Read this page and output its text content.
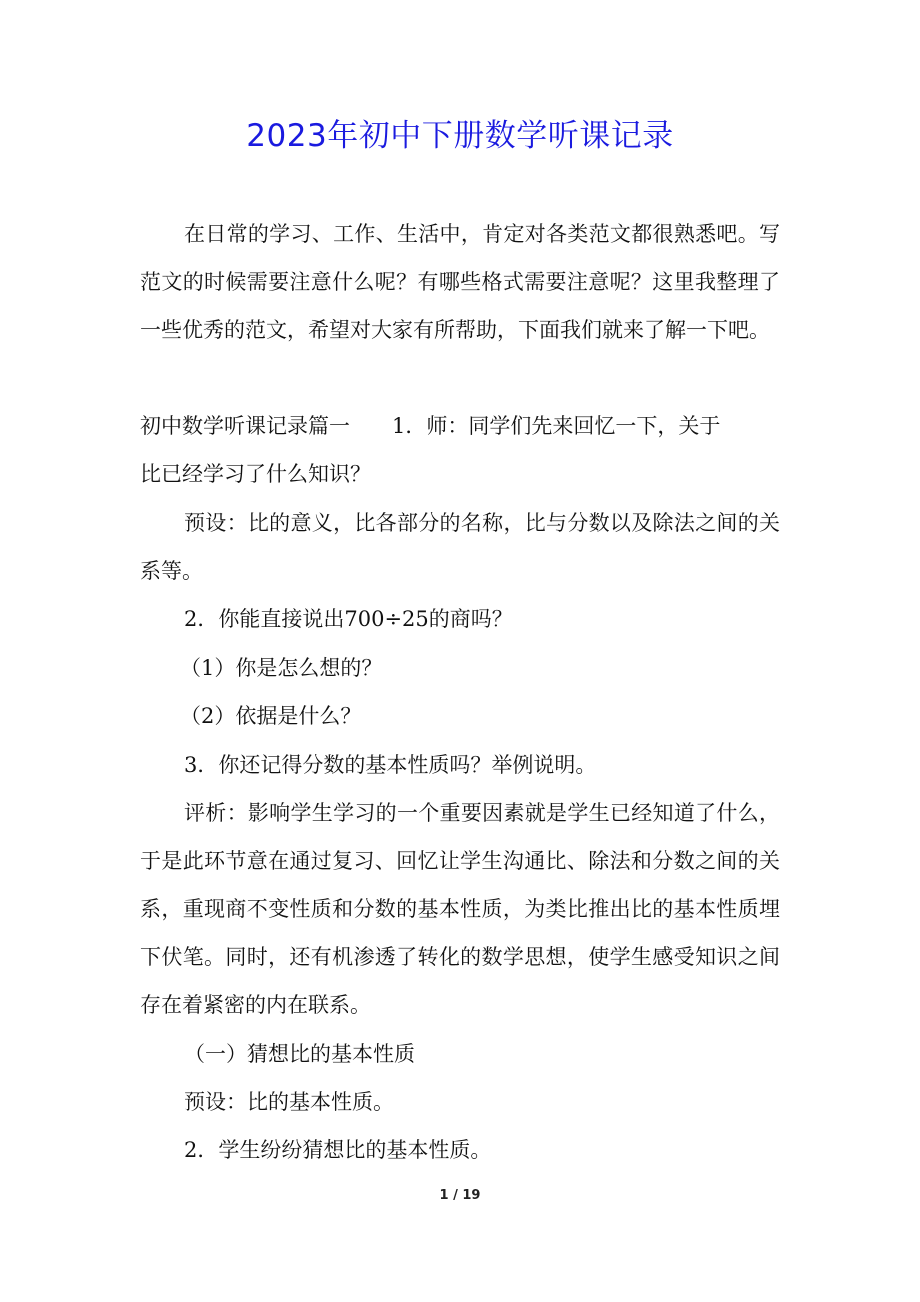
2023年初中下册数学听课记录
在日常的学习、工作、生活中，肯定对各类范文都很熟悉吧。写范文的时候需要注意什么呢？有哪些格式需要注意呢？这里我整理了一些优秀的范文，希望对大家有所帮助，下面我们就来了解一下吧。
初中数学听课记录篇一　　1．师：同学们先来回忆一下，关于
比已经学习了什么知识？
预设：比的意义，比各部分的名称，比与分数以及除法之间的关系等。
2．你能直接说出700÷25的商吗？
（1）你是怎么想的？
（2）依据是什么？
3．你还记得分数的基本性质吗？举例说明。
评析：影响学生学习的一个重要因素就是学生已经知道了什么，于是此环节意在通过复习、回忆让学生沟通比、除法和分数之间的关系，重现商不变性质和分数的基本性质，为类比推出比的基本性质埋下伏笔。同时，还有机渗透了转化的数学思想，使学生感受知识之间存在着紧密的内在联系。
（一）猜想比的基本性质
预设：比的基本性质。
2．学生纷纷猜想比的基本性质。
1 / 19
